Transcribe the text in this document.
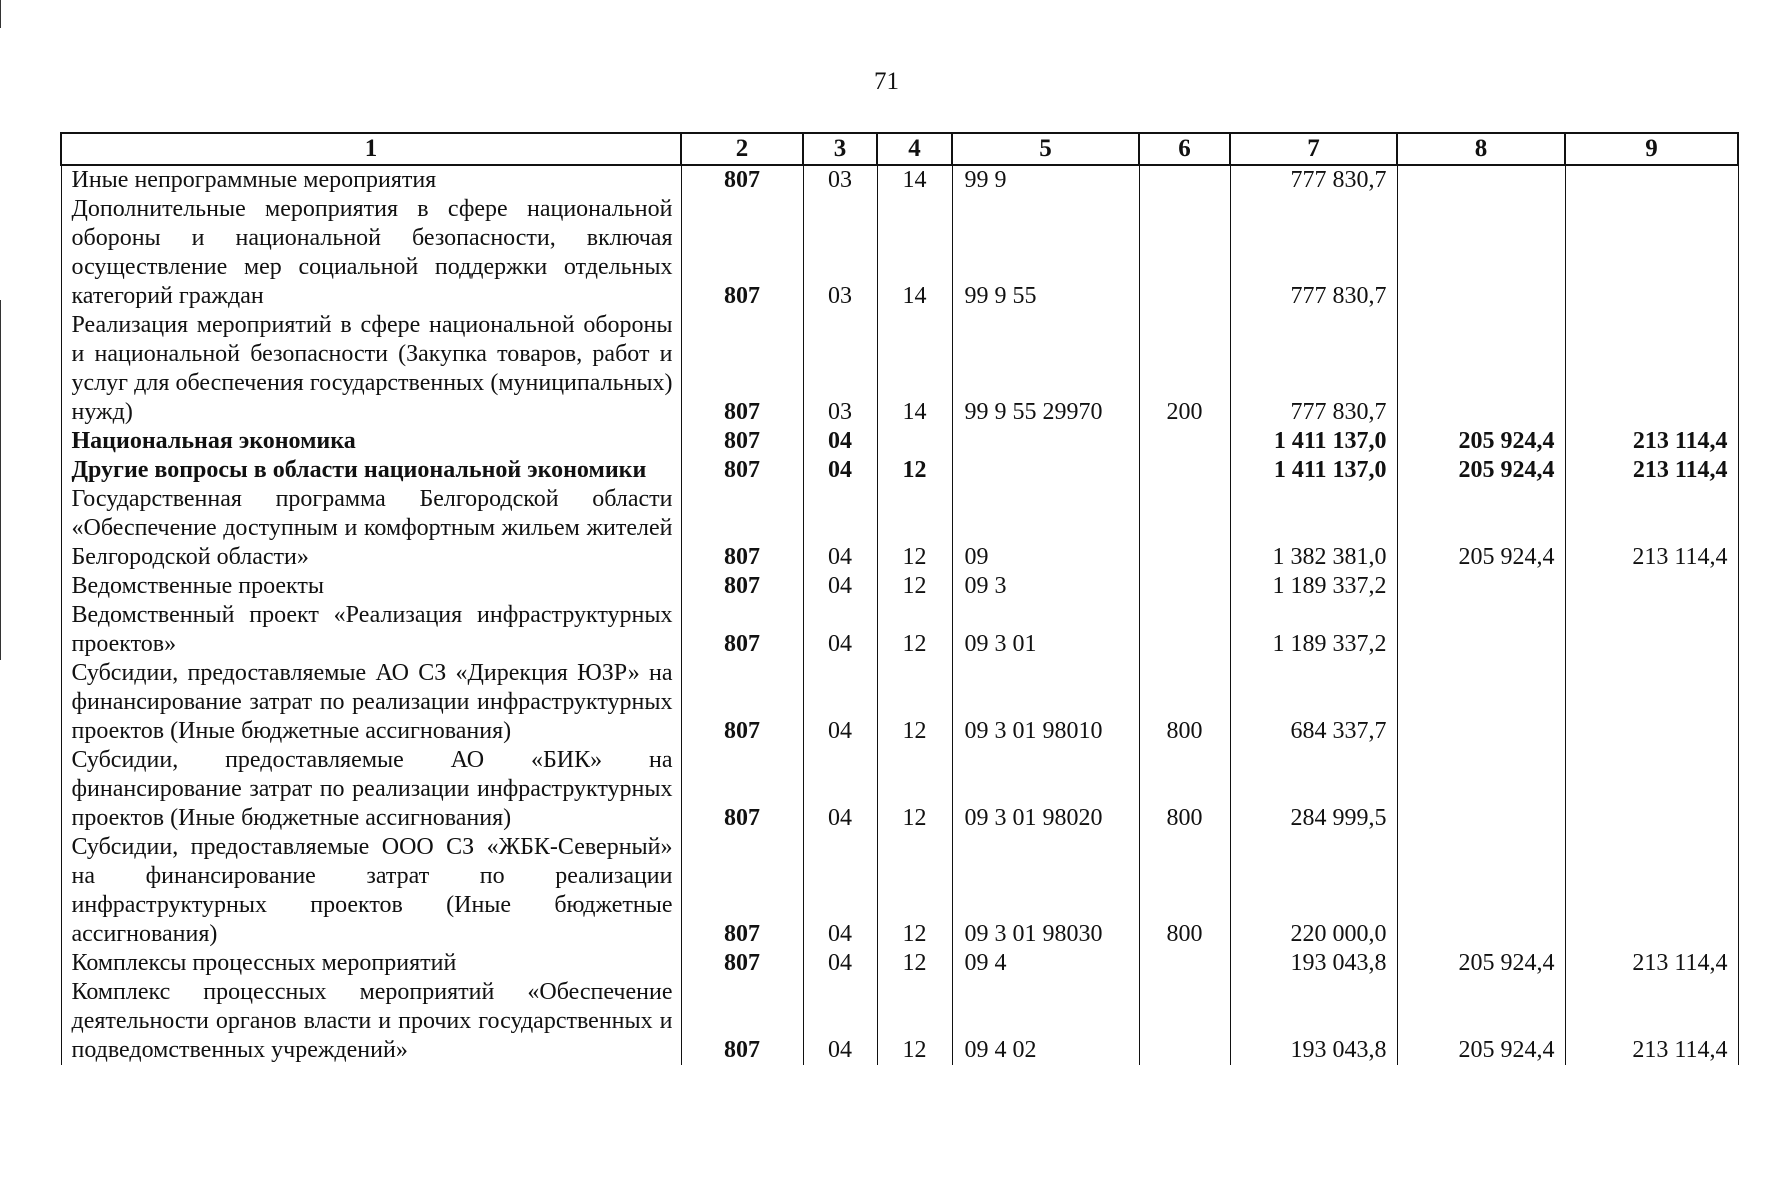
71
1	2	3	4	5	6	7	8	9
Иные непрограммные мероприятия	807	03	14	99 9		777 830,7		
Дополнительные мероприятия в сфере национальной обороны и национальной безопасности, включая осуществление мер социальной поддержки отдельных категорий граждан	807	03	14	99 9 55		777 830,7		
Реализация мероприятий в сфере национальной обороны и национальной безопасности (Закупка товаров, работ и услуг для обеспечения государственных (муниципальных) нужд)	807	03	14	99 9 55 29970	200	777 830,7		
Национальная экономика	807	04				1 411 137,0	205 924,4	213 114,4
Другие вопросы в области национальной экономики	807	04	12			1 411 137,0	205 924,4	213 114,4
Государственная программа Белгородской области «Обеспечение доступным и комфортным жильем жителей Белгородской области»	807	04	12	09		1 382 381,0	205 924,4	213 114,4
Ведомственные проекты	807	04	12	09 3		1 189 337,2		
Ведомственный проект «Реализация инфраструктурных проектов»	807	04	12	09 3 01		1 189 337,2		
Субсидии, предоставляемые АО СЗ «Дирекция ЮЗР» на финансирование затрат по реализации инфраструктурных проектов (Иные бюджетные ассигнования)	807	04	12	09 3 01 98010	800	684 337,7		
Субсидии, предоставляемые АО «БИК» на финансирование затрат по реализации инфраструктурных проектов (Иные бюджетные ассигнования)	807	04	12	09 3 01 98020	800	284 999,5		
Субсидии, предоставляемые ООО СЗ «ЖБК-Северный» на финансирование затрат по реализации инфраструктурных проектов (Иные бюджетные ассигнования)	807	04	12	09 3 01 98030	800	220 000,0		
Комплексы процессных мероприятий	807	04	12	09 4		193 043,8	205 924,4	213 114,4
Комплекс процессных мероприятий «Обеспечение деятельности органов власти и прочих государственных и подведомственных учреждений»	807	04	12	09 4 02		193 043,8	205 924,4	213 114,4
